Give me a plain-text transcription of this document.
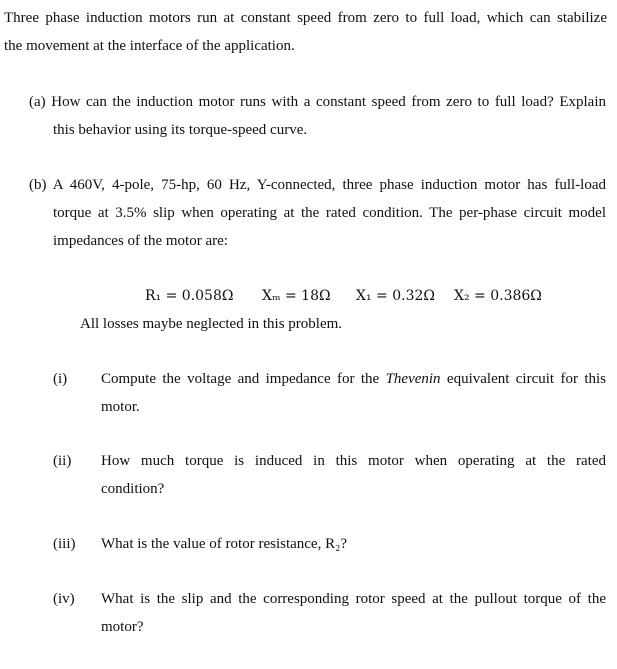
Three phase induction motors run at constant speed from zero to full load, which can stabilize
the movement at the interface of the application.
(a) How can the induction motor runs with a constant speed from zero to full load? Explain
this behavior using its torque-speed curve.
(b) A 460V, 4-pole, 75-hp, 60 Hz, Y-connected, three phase induction motor has full-load
torque at 3.5% slip when operating at the rated condition. The per-phase circuit model
impedances of the motor are:
R₁ = 0.058Ω Xₘ = 18Ω X₁ = 0.32Ω X₂ = 0.386Ω
All losses maybe neglected in this problem.
(i) Compute the voltage and impedance for the Thevenin equivalent circuit for this
motor.
(ii) How much torque is induced in this motor when operating at the rated
condition?
(iii) What is the value of rotor resistance, R₂?
(iv) What is the slip and the corresponding rotor speed at the pullout torque of the
motor?
